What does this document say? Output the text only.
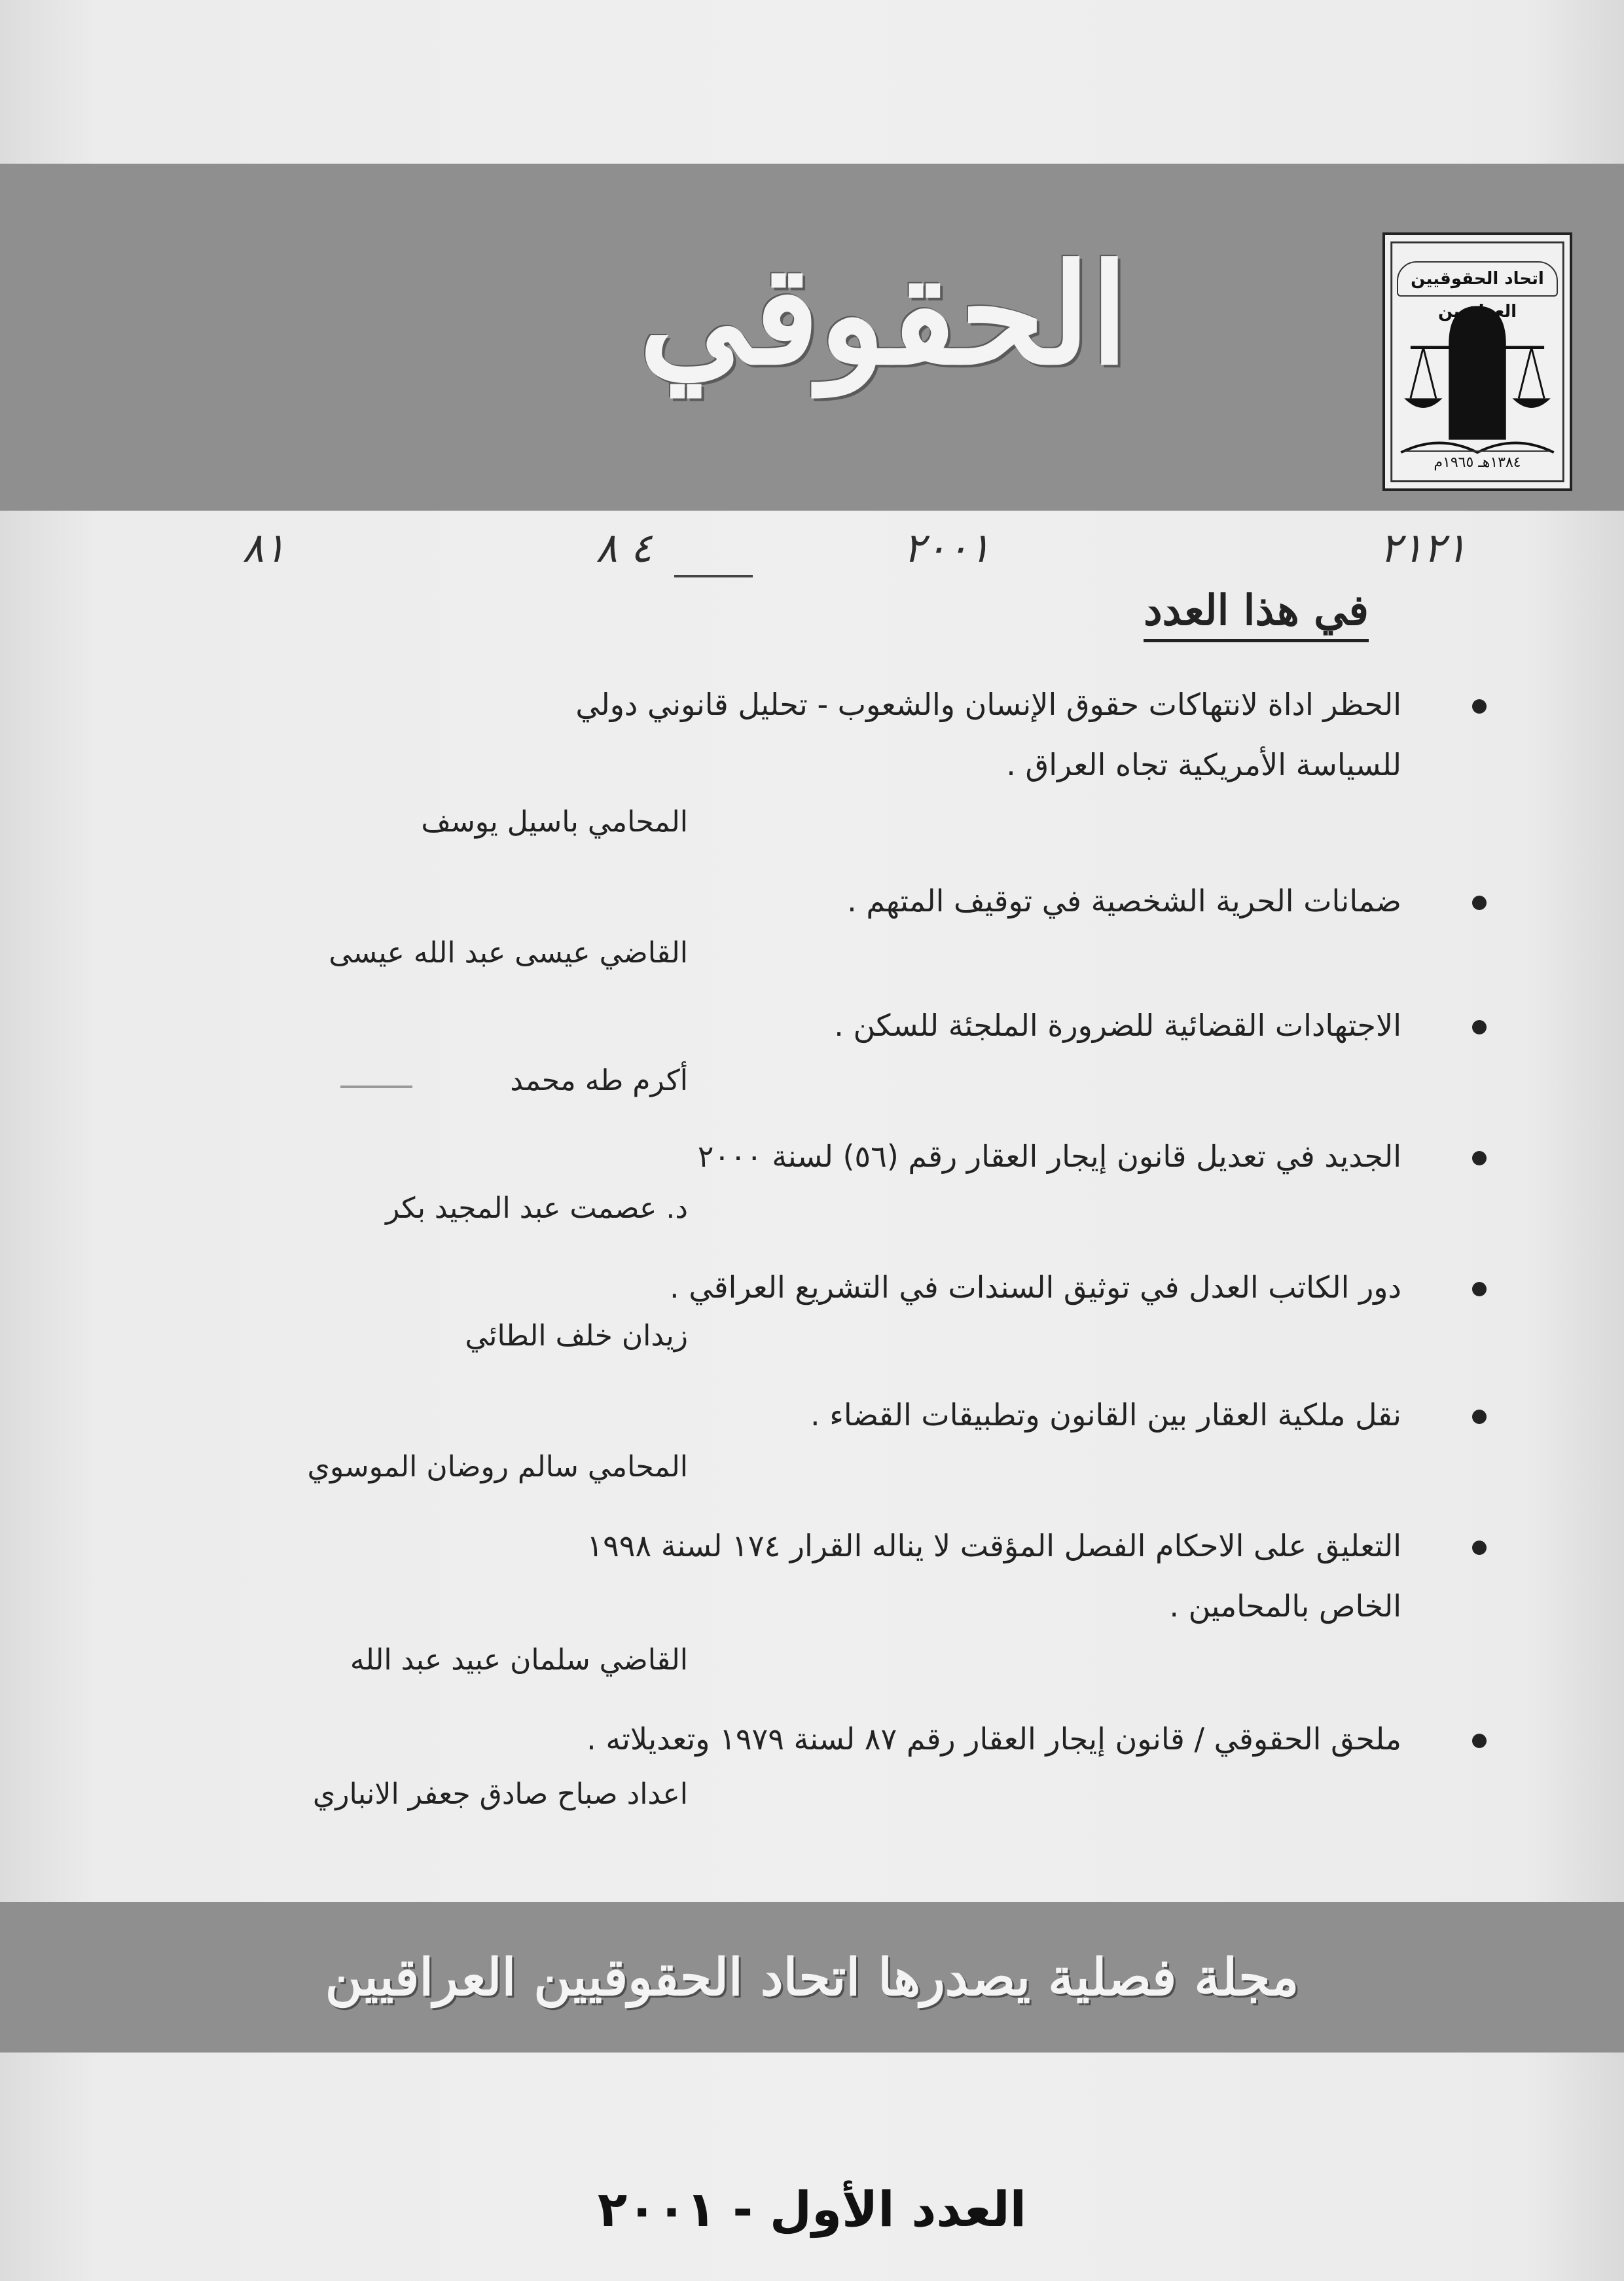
الحقوقي	اتحاد الحقوقيين العراقيين
١٣٨٤هـ ١٩٦٥م
٢١٢١
٢٠٠١
٤ ٨
٨١
في هذا العدد
الحظر اداة لانتهاكات حقوق الإنسان والشعوب - تحليل قانوني دولي
للسياسة الأمريكية تجاه العراق .
المحامي باسيل يوسف
ضمانات الحرية الشخصية في توقيف المتهم .
القاضي عيسى عبد الله عيسى
الاجتهادات القضائية للضرورة الملجئة للسكن .
أكرم طه محمد
الجديد في تعديل قانون إيجار العقار رقم (٥٦) لسنة ٢٠٠٠
د. عصمت عبد المجيد بكر
دور الكاتب العدل في توثيق السندات في التشريع العراقي .
زيدان خلف الطائي
نقل ملكية العقار بين القانون وتطبيقات القضاء .
المحامي سالم روضان الموسوي
التعليق على الاحكام الفصل المؤقت لا يناله القرار ١٧٤ لسنة ١٩٩٨
الخاص بالمحامين .
القاضي سلمان عبيد عبد الله
ملحق الحقوقي / قانون إيجار العقار رقم ٨٧ لسنة ١٩٧٩ وتعديلاته .
اعداد صباح صادق جعفر الانباري
مجلة فصلية يصدرها اتحاد الحقوقيين العراقيين
العدد الأول - ٢٠٠١
